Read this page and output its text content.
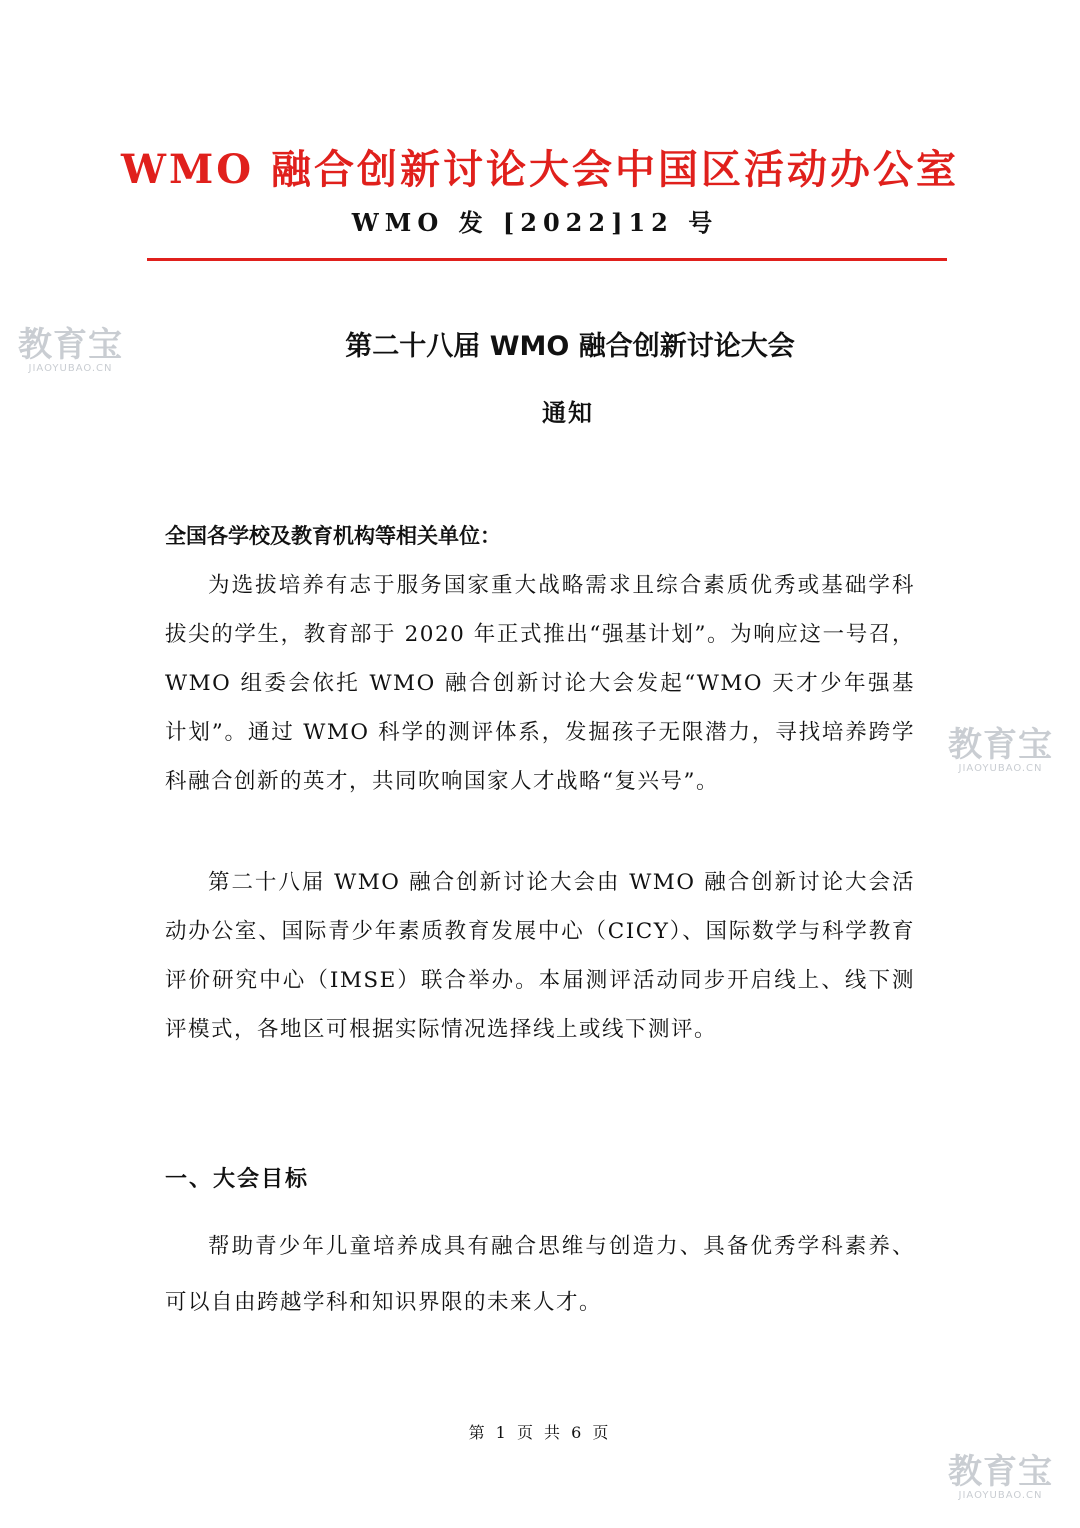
WMO 融合创新讨论大会中国区活动办公室
WMO 发 [2022]12 号
第二十八届 WMO 融合创新讨论大会
通知
全国各学校及教育机构等相关单位：

为选拔培养有志于服务国家重大战略需求且综合素质优秀或基础学科拔尖的学生，教育部于 2020 年正式推出“强基计划”。为响应这一号召，WMO 组委会依托 WMO 融合创新讨论大会发起“WMO 天才少年强基计划”。通过 WMO 科学的测评体系，发掘孩子无限潜力，寻找培养跨学科融合创新的英才，共同吹响国家人才战略“复兴号”。

第二十八届 WMO 融合创新讨论大会由 WMO 融合创新讨论大会活动办公室、国际青少年素质教育发展中心（CICY）、国际数学与科学教育评价研究中心（IMSE）联合举办。本届测评活动同步开启线上、线下测评模式，各地区可根据实际情况选择线上或线下测评。

一、大会目标

帮助青少年儿童培养成具有融合思维与创造力、具备优秀学科素养、可以自由跨越学科和知识界限的未来人才。

第 1 页 共 6 页
教育宝
JIAOYUBAO.CN
教育宝
JIAOYUBAO.CN
教育宝
JIAOYUBAO.CN
